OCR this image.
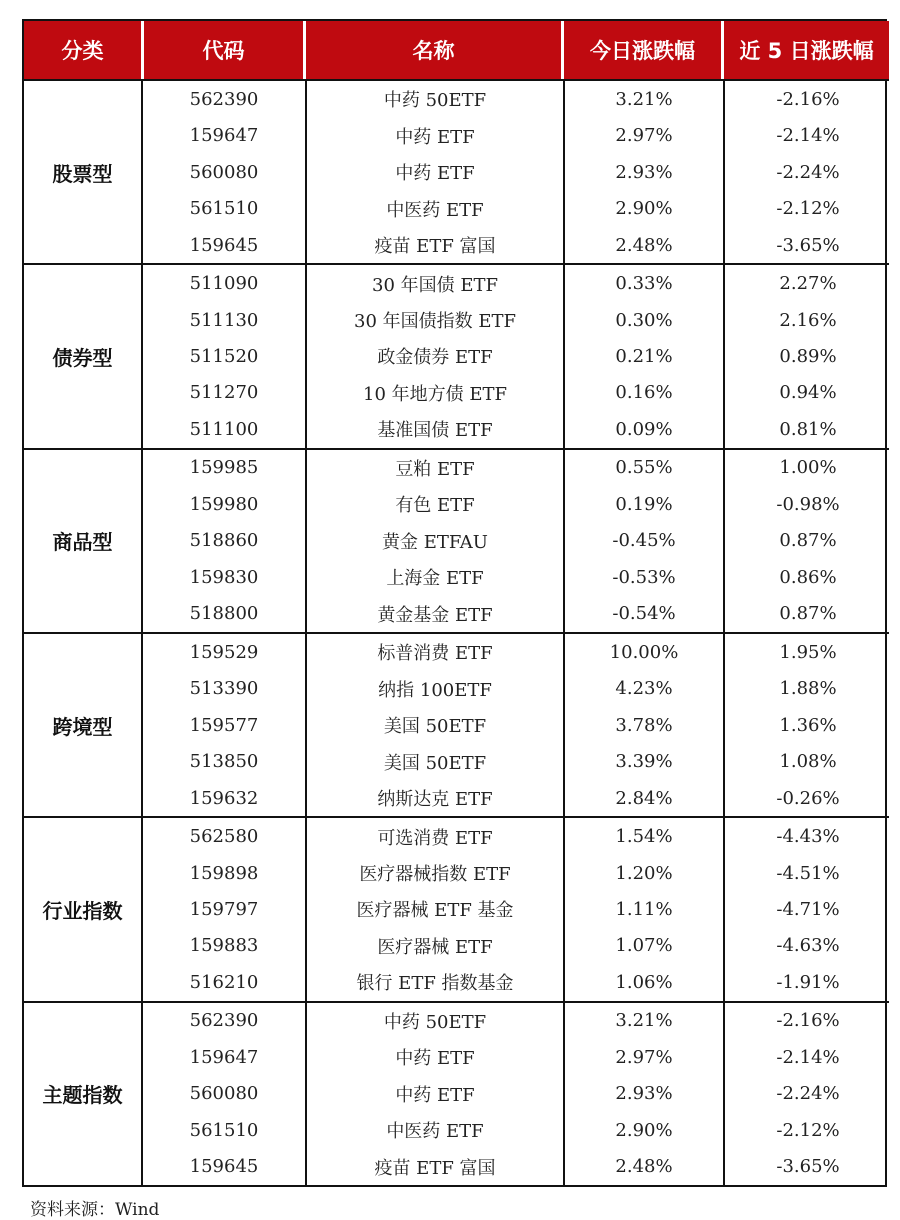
分类	代码	名称	今日涨跌幅	近 5 日涨跌幅
股票型
562390	中药 50ETF	3.21%	-2.16%
159647	中药 ETF	2.97%	-2.14%
560080	中药 ETF	2.93%	-2.24%
561510	中医药 ETF	2.90%	-2.12%
159645	疫苗 ETF 富国	2.48%	-3.65%
债券型
511090	30 年国债 ETF	0.33%	2.27%
511130	30 年国债指数 ETF	0.30%	2.16%
511520	政金债券 ETF	0.21%	0.89%
511270	10 年地方债 ETF	0.16%	0.94%
511100	基准国债 ETF	0.09%	0.81%
商品型
159985	豆粕 ETF	0.55%	1.00%
159980	有色 ETF	0.19%	-0.98%
518860	黄金 ETFAU	-0.45%	0.87%
159830	上海金 ETF	-0.53%	0.86%
518800	黄金基金 ETF	-0.54%	0.87%
跨境型
159529	标普消费 ETF	10.00%	1.95%
513390	纳指 100ETF	4.23%	1.88%
159577	美国 50ETF	3.78%	1.36%
513850	美国 50ETF	3.39%	1.08%
159632	纳斯达克 ETF	2.84%	-0.26%
行业指数
562580	可选消费 ETF	1.54%	-4.43%
159898	医疗器械指数 ETF	1.20%	-4.51%
159797	医疗器械 ETF 基金	1.11%	-4.71%
159883	医疗器械 ETF	1.07%	-4.63%
516210	银行 ETF 指数基金	1.06%	-1.91%
主题指数
562390	中药 50ETF	3.21%	-2.16%
159647	中药 ETF	2.97%	-2.14%
560080	中药 ETF	2.93%	-2.24%
561510	中医药 ETF	2.90%	-2.12%
159645	疫苗 ETF 富国	2.48%	-3.65%

资料来源：Wind
